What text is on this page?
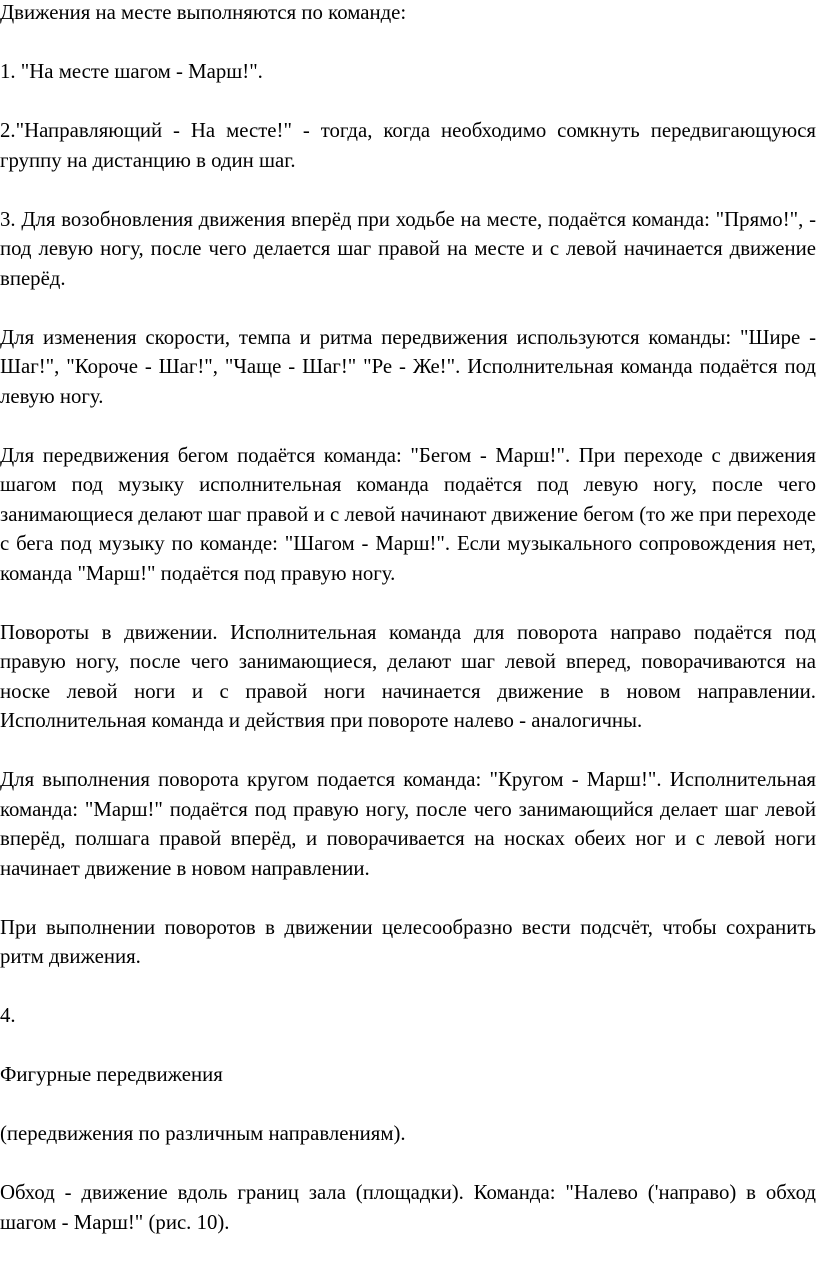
Движения на месте выполняются по команде:

1. "На месте шагом - Марш!".

2."Направляющий - На месте!" - тогда, когда необходимо сомкнуть передвигающуюся группу на дистанцию в один шаг.

3. Для возобновления движения вперёд при ходьбе на месте, подаётся команда: "Прямо!", - под левую ногу, после чего делается шаг правой на месте и с левой начинается движение вперёд.

Для изменения скорости, темпа и ритма передвижения используются команды: "Шире - Шаг!", "Короче - Шаг!", "Чаще - Шаг!" "Ре - Же!". Исполнительная команда подаётся под левую ногу.

Для передвижения бегом подаётся команда: "Бегом - Марш!". При переходе с движения шагом под музыку исполнительная команда подаётся под левую ногу, после чего занимающиеся делают шаг правой и с левой начинают движение бегом (то же при переходе с бега под музыку по команде: "Шагом - Марш!". Если музыкального сопровождения нет, команда "Марш!" подаётся под правую ногу.

Повороты в движении. Исполнительная команда для поворота направо подаётся под правую ногу, после чего занимающиеся, делают шаг левой вперед, поворачиваются на носке левой ноги и с правой ноги начинается движение в новом направлении. Исполнительная команда и действия при повороте налево - аналогичны.

Для выполнения поворота кругом подается команда: "Кругом - Марш!". Исполнительная команда: "Марш!" подаётся под правую ногу, после чего занимающийся делает шаг левой вперёд, полшага правой вперёд, и поворачивается на носках обеих ног и с левой ноги начинает движение в новом направлении.

При выполнении поворотов в движении целесообразно вести подсчёт, чтобы сохранить ритм движения.

4.

Фигурные передвижения

(передвижения по различным направлениям).

Обход - движение вдоль границ зала (площадки). Команда: "Налево ('направо) в обход шагом - Марш!" (рис. 10).
